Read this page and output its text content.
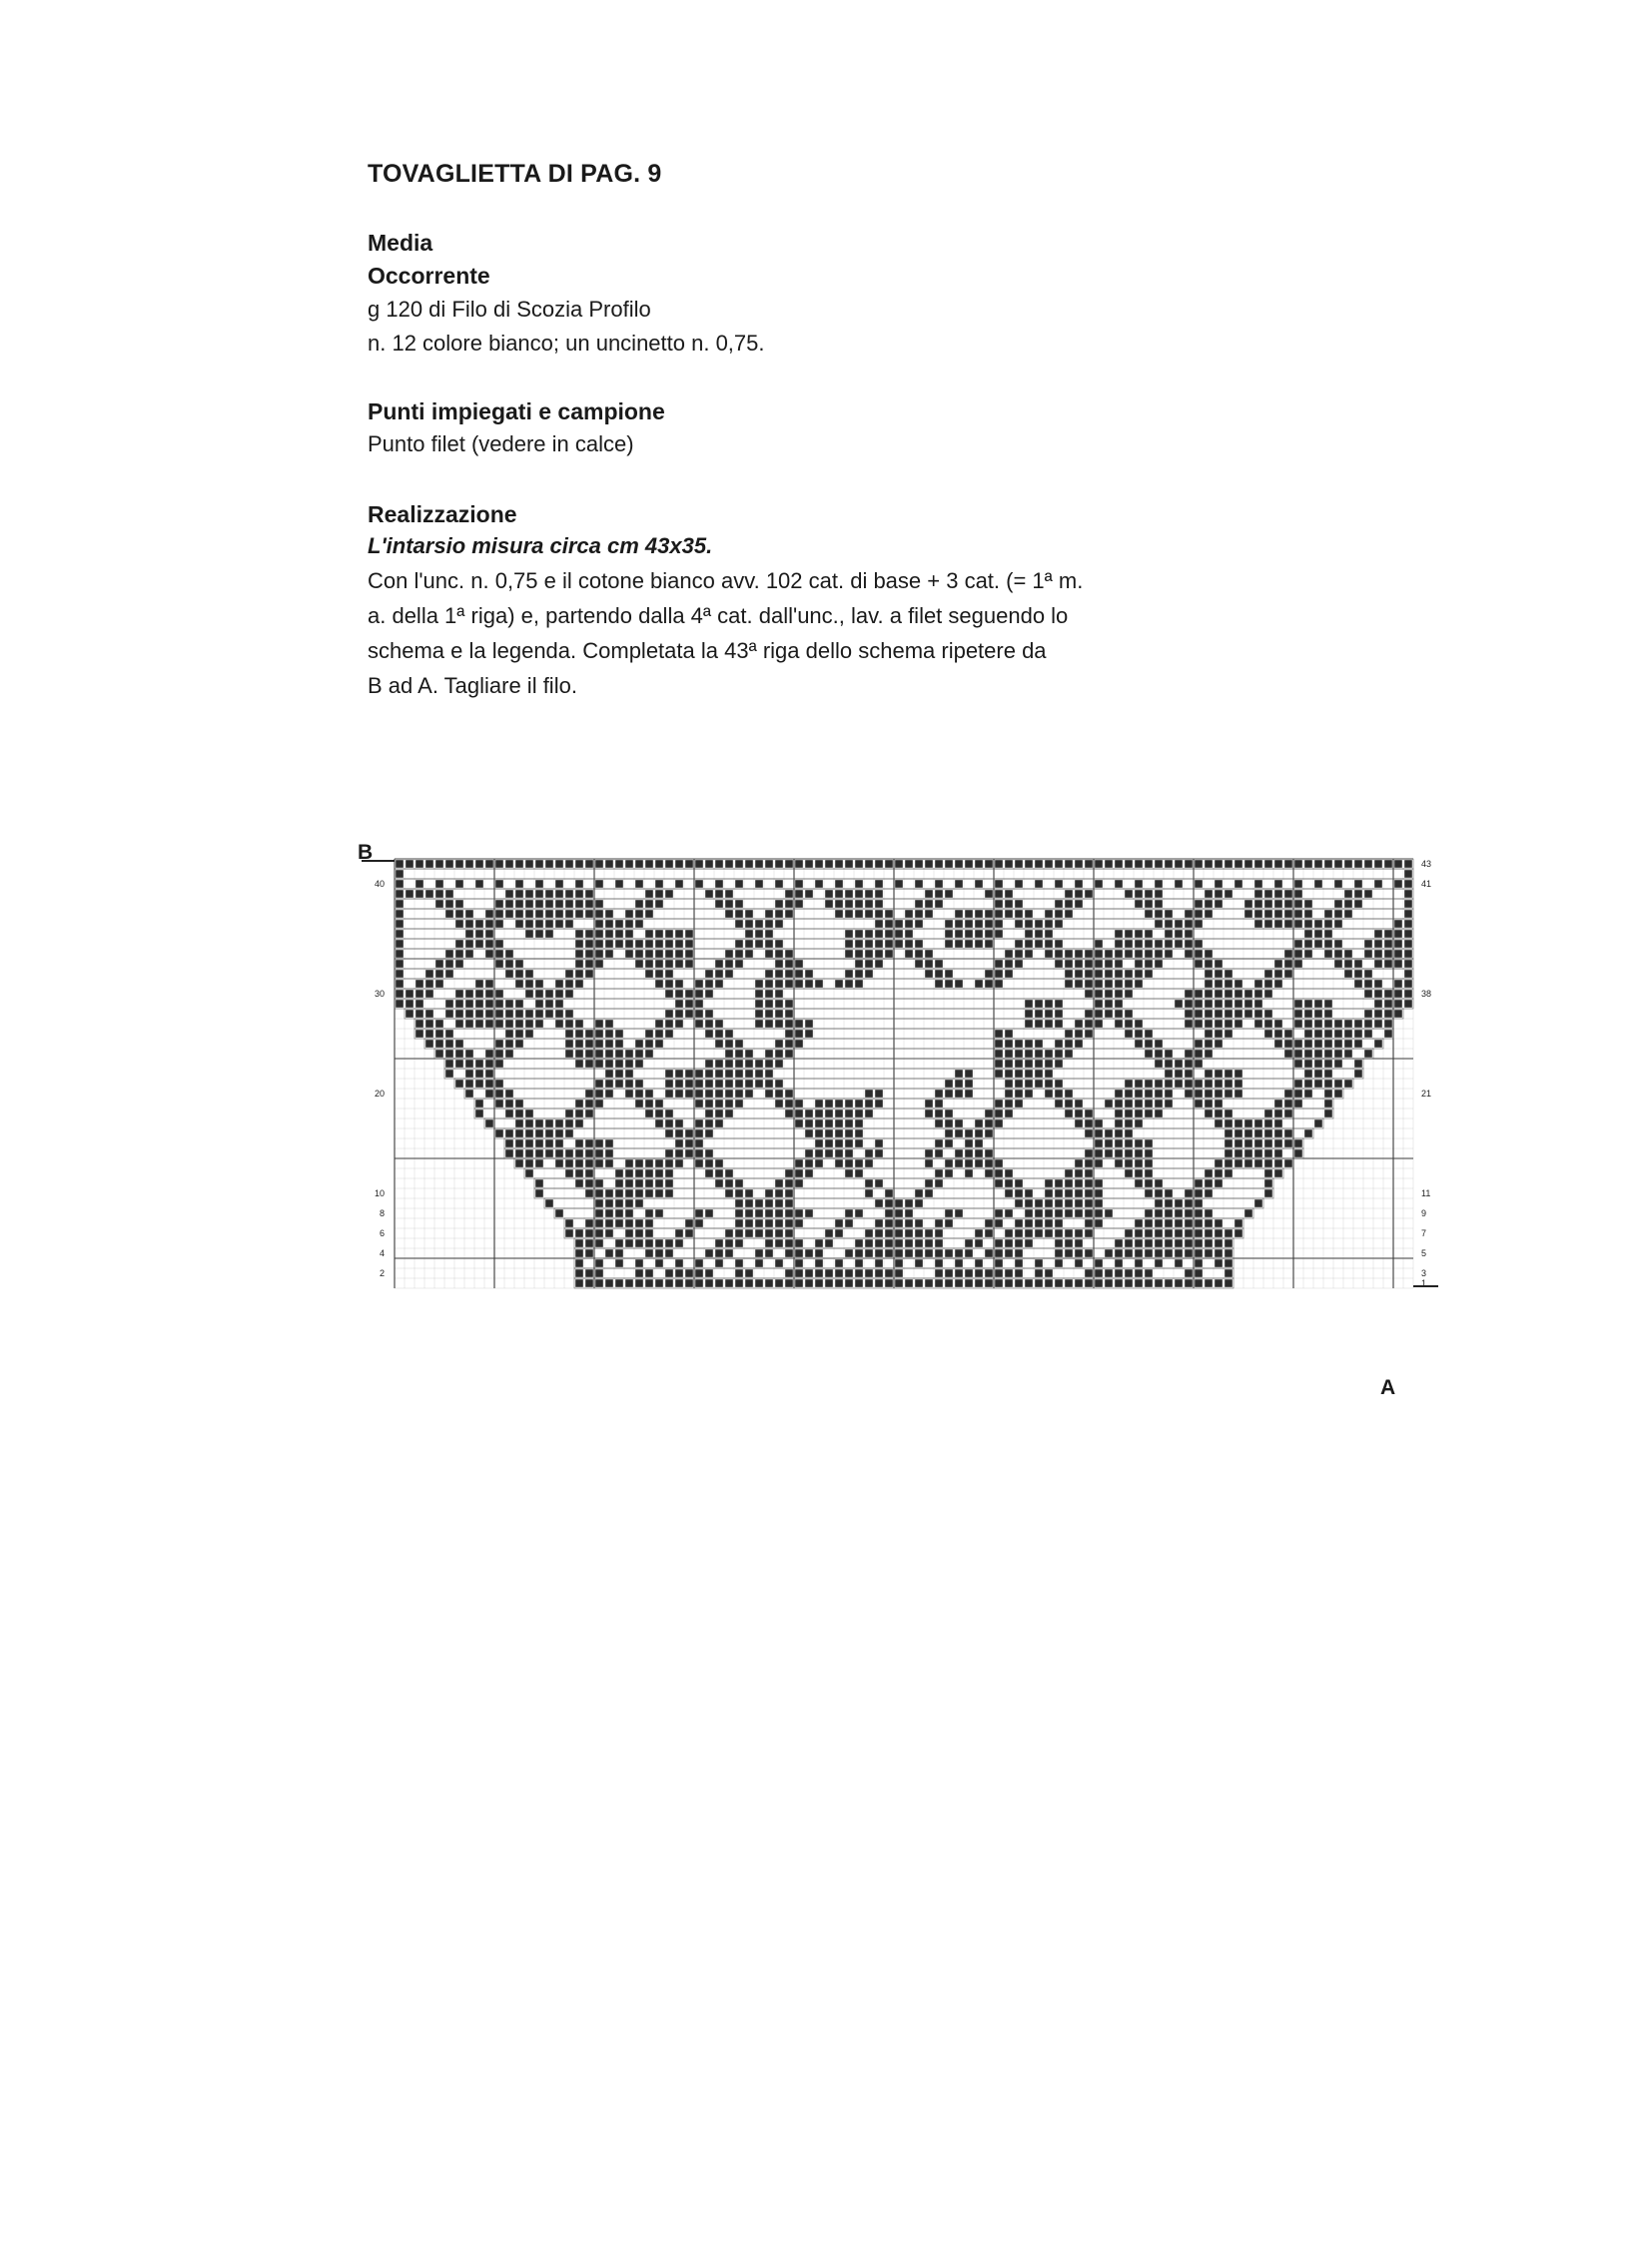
TOVAGLIETTA DI PAG. 9
Media
Occorrente
g 120 di Filo di Scozia Profilo
n. 12 colore bianco; un uncinetto n. 0,75.
Punti impiegati e campione
Punto filet (vedere in calce)
Realizzazione
L'intarsio misura circa cm 43x35.
Con l'unc. n. 0,75 e il cotone bianco avv. 102 cat. di base + 3 cat. (= 1ª m.
a. della 1ª riga) e, partendo dalla 4ª cat. dall'unc., lav. a filet seguendo lo
schema e la legenda. Completata la 43ª riga dello schema ripetere da
B ad A. Tagliare il filo.
B
A
40
30
20
10
8
6
4
2
43
41
38
21
11
9
7
5
3
1
